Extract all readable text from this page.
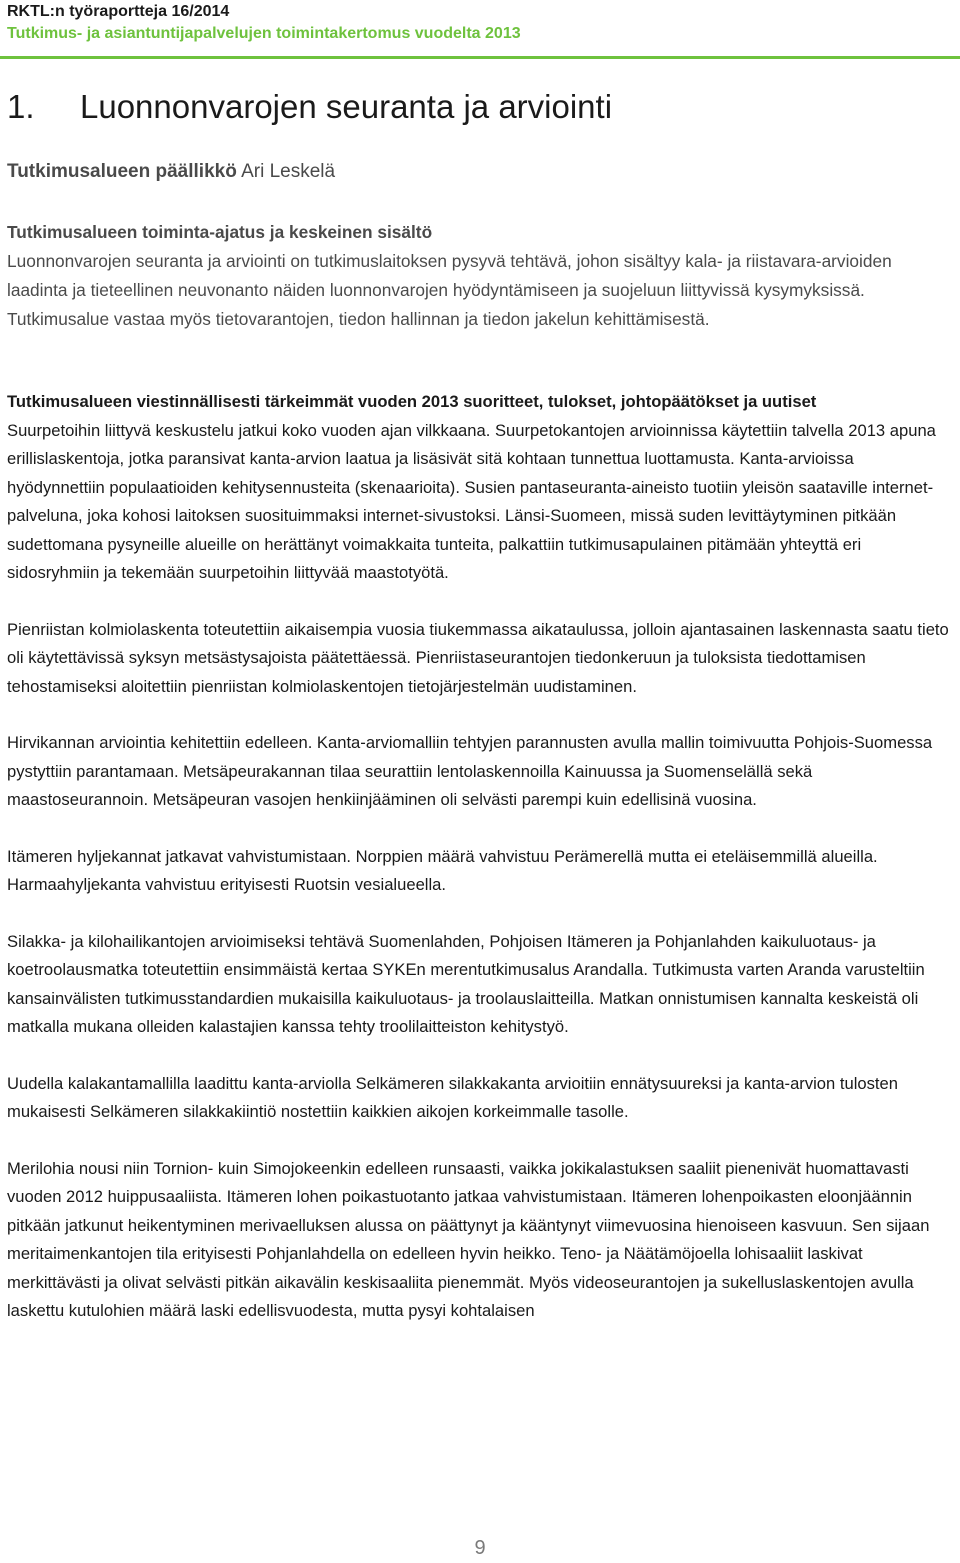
RKTL:n työraportteja 16/2014
Tutkimus- ja asiantuntijapalvelujen toimintakertomus vuodelta 2013
1. Luonnonvarojen seuranta ja arviointi
Tutkimusalueen päällikkö Ari Leskelä
Tutkimusalueen toiminta-ajatus ja keskeinen sisältö
Luonnonvarojen seuranta ja arviointi on tutkimuslaitoksen pysyvä tehtävä, johon sisältyy kala- ja riistavara-arvioiden laadinta ja tieteellinen neuvonanto näiden luonnonvarojen hyödyntämiseen ja suojeluun liittyvissä kysymyksissä. Tutkimusalue vastaa myös tietovarantojen, tiedon hallinnan ja tiedon jakelun kehittämisestä.

Tutkimusalueen viestinnällisesti tärkeimmät vuoden 2013 suoritteet, tulokset, johtopäätökset ja uutiset
Suurpetoihin liittyvä keskustelu jatkui koko vuoden ajan vilkkaana. Suurpetokantojen arvioinnissa käytettiin talvella 2013 apuna erillislaskentoja, jotka paransivat kanta-arvion laatua ja lisäsivät sitä kohtaan tunnettua luottamusta. Kanta-arvioissa hyödynnettiin populaatioiden kehitysennusteita (skenaarioita). Susien pantaseuranta-aineisto tuotiin yleisön saataville internet-palveluna, joka kohosi laitoksen suosituimmaksi internet-sivustoksi. Länsi-Suomeen, missä suden levittäytyminen pitkään sudettomana pysyneille alueille on herättänyt voimakkaita tunteita, palkattiin tutkimusapulainen pitämään yhteyttä eri sidosryhmiin ja tekemään suurpetoihin liittyvää maastotyötä.

Pienriistan kolmiolaskenta toteutettiin aikaisempia vuosia tiukemmassa aikataulussa, jolloin ajantasainen laskennasta saatu tieto oli käytettävissä syksyn metsästysajoista päätettäessä. Pienriistaseurantojen tiedonkeruun ja tuloksista tiedottamisen tehostamiseksi aloitettiin pienriistan kolmiolaskentojen tietojärjestelmän uudistaminen.

Hirvikannan arviointia kehitettiin edelleen. Kanta-arviomalliin tehtyjen parannusten avulla mallin toimivuutta Pohjois-Suomessa pystyttiin parantamaan. Metsäpeurakannan tilaa seurattiin lentolaskennoilla Kainuussa ja Suomenselällä sekä maastoseurannoin. Metsäpeuran vasojen henkiinjääminen oli selvästi parempi kuin edellisinä vuosina.

Itämeren hyljekannat jatkavat vahvistumistaan. Norppien määrä vahvistuu Perämerellä mutta ei eteläisemmillä alueilla. Harmaahyljekanta vahvistuu erityisesti Ruotsin vesialueella.

Silakka- ja kilohailikantojen arvioimiseksi tehtävä Suomenlahden, Pohjoisen Itämeren ja Pohjanlahden kaikuluotaus- ja koetroolausmatka toteutettiin ensimmäistä kertaa SYKEn merentutkimusalus Arandalla. Tutkimusta varten Aranda varusteltiin kansainvälisten tutkimusstandardien mukaisilla kaikuluotaus- ja troolauslaitteilla. Matkan onnistumisen kannalta keskeistä oli matkalla mukana olleiden kalastajien kanssa tehty troolilaitteiston kehitystyö.

Uudella kalakantamallilla laadittu kanta-arviolla Selkämeren silakkakanta arvioitiin ennätysuureksi ja kanta-arvion tulosten mukaisesti Selkämeren silakkakiintiö nostettiin kaikkien aikojen korkeimmalle tasolle.

Merilohia nousi niin Tornion- kuin Simojokeenkin edelleen runsaasti, vaikka jokikalastuksen saaliit pienenivät huomattavasti vuoden 2012 huippusaaliista. Itämeren lohen poikastuotanto jatkaa vahvistumistaan. Itämeren lohenpoikasten eloonjäännin pitkään jatkunut heikentyminen merivaelluksen alussa on päättynyt ja kääntynyt viimevuosina hienoiseen kasvuun. Sen sijaan meritaimenkantojen tila erityisesti Pohjanlahdella on edelleen hyvin heikko. Teno- ja Näätämöjoella lohisaaliit laskivat merkittävästi ja olivat selvästi pitkän aikavälin keskisaaliita pienemmät. Myös videoseurantojen ja sukelluslaskentojen avulla laskettu kutulohien määrä laski edellisvuodesta, mutta pysyi kohtalaisen

9
